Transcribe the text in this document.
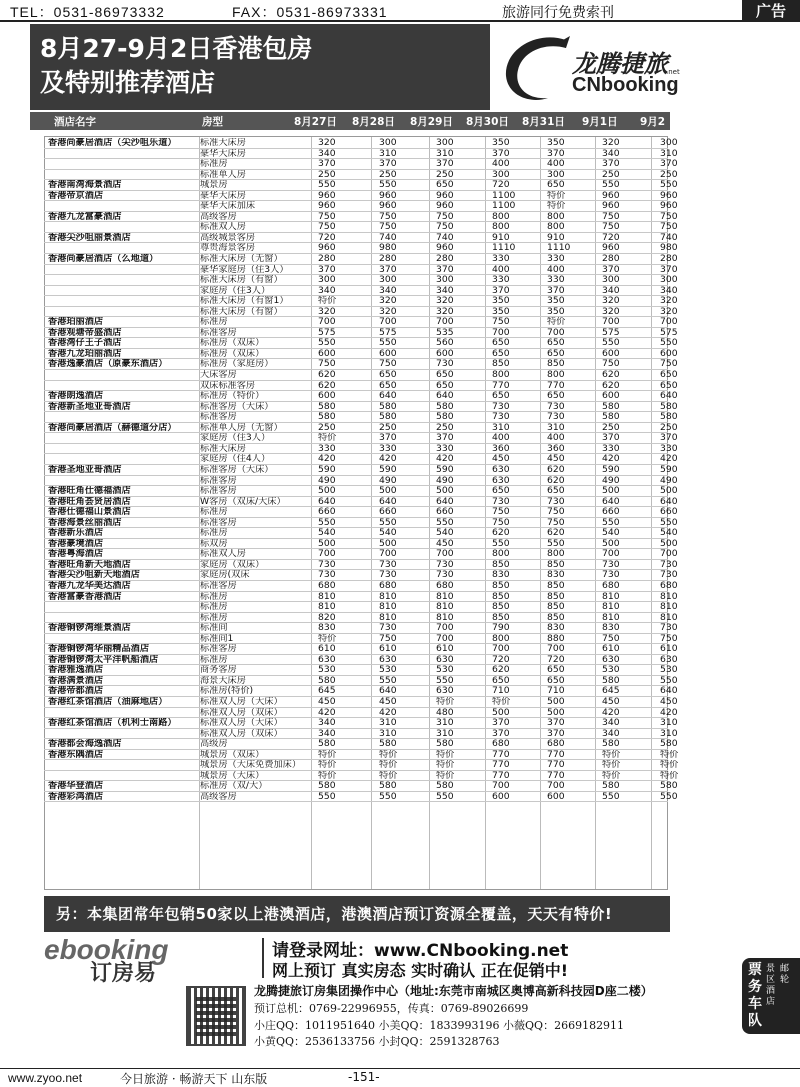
TEL：0531-86973332	FAX：0531-86973331	旅游同行免费索刊	广告
8月27-9月2日香港包房
及特别推荐酒店
龙腾捷旅
.net
CNbooking
酒店名字	房型	8月27日 8月28日 8月29日 8月30日 8月31日 9月1日 9月2日
香港尚豪居酒店（尖沙咀乐道）	标准大床房	320	300	300	350	350	320	300
豪华大床房	340	310	310	370	370	340	310
标准房	370	370	370	400	400	370	370
标准单人房	250	250	250	300	300	250	250
香港南湾海景酒店	城景房	550	550	650	720	650	550	550
香港帝京酒店	豪华大床房	960	960	960	1100	特价	960	960
豪华大床加床	960	960	960	1100	特价	960	960
香港九龙富豪酒店	高级客房	750	750	750	800	800	750	750
标准双人房	750	750	750	800	800	750	750
香港尖沙咀丽景酒店	高级城景客房	720	740	740	910	910	720	740
尊贵海景客房	960	980	960	1110	1110	960	980
香港尚豪居酒店（么地道）	标准大床房（无窗）	280	280	280	330	330	280	280
豪华家庭房（住3人）	370	370	370	400	400	370	370
标准大床房（有窗）	300	300	300	330	330	300	300
家庭房（住3人）	340	340	340	370	370	340	340
标准大床房（有窗1）	特价	320	320	350	350	320	320
标准大床房（有窗）	320	320	320	350	350	320	320
香港珀丽酒店	标准房	700	700	700	750	特价	700	700
香港观塘帝盛酒店	标准客房	575	575	535	700	700	575	575
香港湾仔王子酒店	标准房（双床）	550	550	560	650	650	550	550
香港九龙珀丽酒店	标准房（双床）	600	600	600	650	650	600	600
香港逸豪酒店（原豪东酒店）	标准房（家庭房）	750	750	730	850	850	750	750
大床客房	620	650	650	800	800	620	650
双床标准客房	620	650	650	770	770	620	650
香港朗逸酒店	标准房（特价）	600	640	640	650	650	600	640
香港新圣地亚哥酒店	标准客房（大床）	580	580	580	730	730	580	580
标准客房	580	580	580	730	730	580	580
香港尚豪居酒店（赫德道分店）	标准单人房（无窗）	250	250	250	310	310	250	250
家庭房（住3人）	特价	370	370	400	400	370	370
标准大床房	330	330	330	360	360	330	330
家庭房（住4人）	420	420	420	450	450	420	420
香港圣地亚哥酒店	标准客房（大床）	590	590	590	630	620	590	590
标准客房	490	490	490	630	620	490	490
香港旺角仕德福酒店	标准客房	500	500	500	650	650	500	500
香港旺角荟贤居酒店	W客房（双床/大床）	640	640	640	730	730	640	640
香港仕德福山景酒店	标准房	660	660	660	750	750	660	660
香港海景丝丽酒店	标准客房	550	550	550	750	750	550	550
香港新乐酒店	标准房	540	540	540	620	620	540	540
香港豪境酒店	标双房	500	500	450	550	550	500	500
香港粤海酒店	标准双人房	700	700	700	800	800	700	700
香港旺角新天地酒店	家庭房（双床）	730	730	730	850	850	730	730
香港尖沙咀新天地酒店	家庭房(双床	730	730	730	830	830	730	730
香港九龙华美达酒店	标准客房	680	680	680	850	850	680	680
香港富豪香港酒店	标准房	810	810	810	850	850	810	810
标准房	810	810	810	850	850	810	810
标准房	820	810	810	850	850	810	810
香港铜锣湾维景酒店	标准间	830	730	700	790	830	830	730
标准间1	特价	750	700	800	880	750	750
香港铜锣湾华丽精品酒店	标准客房	610	610	610	700	700	610	610
香港铜锣湾太平洋帆船酒店	标准房	630	630	630	720	720	630	630
香港雅逸酒店	商务客房	530	530	530	620	650	530	530
香港满景酒店	海景大床房	580	550	550	650	650	580	550
香港帝都酒店	标准房(特价)	645	640	630	710	710	645	640
香港红茶馆酒店（油麻地店）	标准双人房（大床）	450	450	特价	特价	500	450	450
标准双人房（双床）	420	420	480	500	500	420	420
香港红茶馆酒店（机利士南路）	标准双人房（大床）	340	310	310	370	370	340	310
标准双人房（双床）	340	310	310	370	370	340	310
香港都会海逸酒店	高级房	580	580	580	680	680	580	580
香港东隅酒店	城景房（双床）	特价	特价	特价	770	770	特价	特价
城景房（大床免费加床）	特价	特价	特价	770	770	特价	特价
城景房（大床）	特价	特价	特价	770	770	特价	特价
香港华登酒店	标准房（双/大）	580	580	580	700	700	580	580
香港彩鸿酒店	高级客房	550	550	550	600	600	550	550
另：本集团常年包销50家以上港澳酒店，港澳酒店预订资源全覆盖，天天有特价!
ebooking
订房易
请登录网址：www.CNbooking.net
网上预订 真实房态 实时确认 正在促销中!
龙腾捷旅订房集团操作中心（地址:东莞市南城区奥博高新科技园D座二楼）
预订总机：0769-22996955，传真：0769-89026699
小庄QQ：1011951640 小美QQ：1833993196 小薇QQ：2669182911
小黄QQ：2536133756 小封QQ：2591328763
票务车队
景区酒店
邮轮
www.zyoo.net	今日旅游 · 畅游天下 山东版	-151-
